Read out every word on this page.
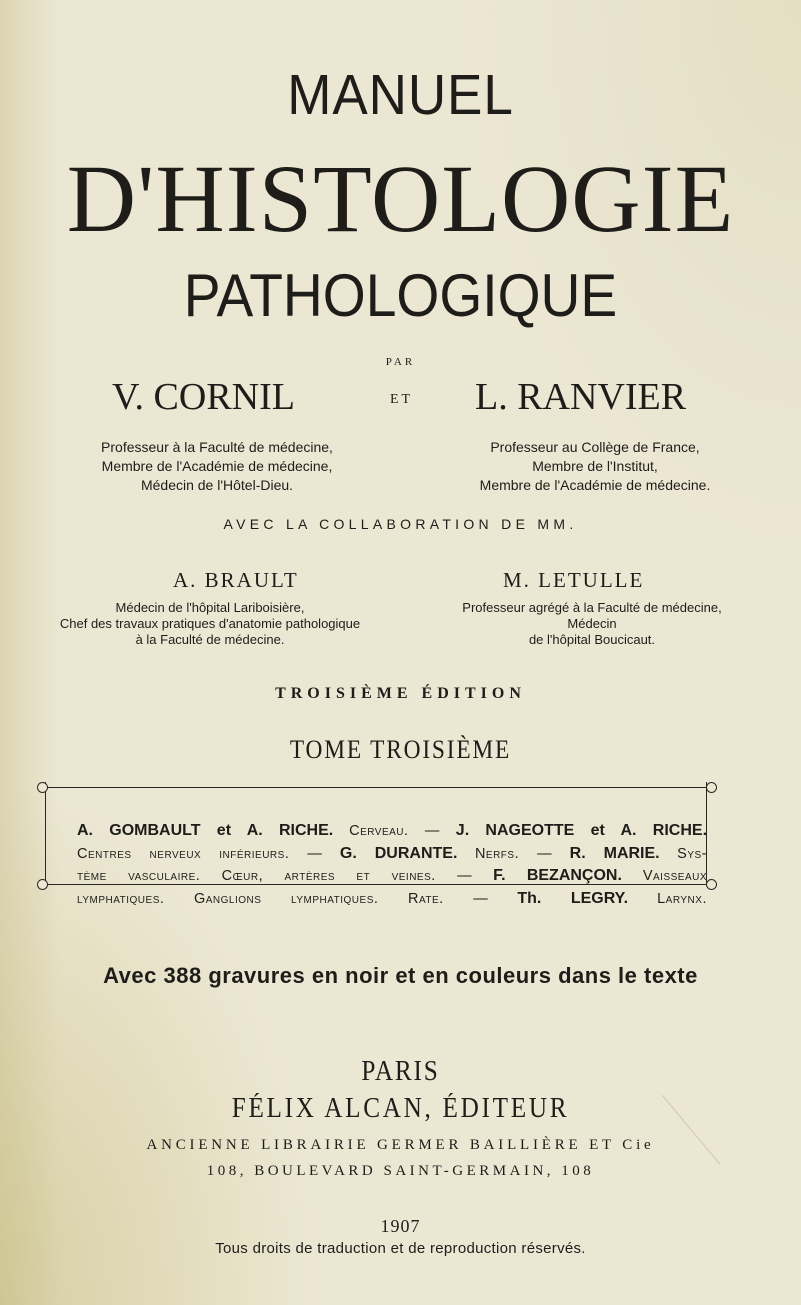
MANUEL
D'HISTOLOGIE
PATHOLOGIQUE
PAR
V. CORNIL	ET L. RANVIER
Professeur à la Faculté de médecine,
Membre de l'Académie de médecine,
Médecin de l'Hôtel-Dieu.
Professeur au Collège de France,
Membre de l'Institut,
Membre de l'Académie de médecine.
AVEC LA COLLABORATION DE MM.
A. BRAULT	M. LETULLE
Médecin de l'hôpital Lariboisière,
Chef des travaux pratiques d'anatomie pathologique
à la Faculté de médecine.
Professeur agrégé à la Faculté de médecine,
Médecin
de l'hôpital Boucicaut.
TROISIÈME ÉDITION
TOME TROISIÈME
A. GOMBAULT et A. RICHE. Cerveau. — J. NAGEOTTE et A. RICHE.
Centres nerveux inférieurs. — G. DURANTE. Nerfs. — R. MARIE. Sys-
tème vasculaire. Cœur, artères et veines. — F. BEZANÇON. Vaisseaux
lymphatiques. Ganglions lymphatiques. Rate. — Th. LEGRY. Larynx.
Avec 388 gravures en noir et en couleurs dans le texte
PARIS
FÉLIX ALCAN, ÉDITEUR
ANCIENNE LIBRAIRIE GERMER BAILLIÈRE ET Cie
108, BOULEVARD SAINT-GERMAIN, 108
1907
Tous droits de traduction et de reproduction réservés.
